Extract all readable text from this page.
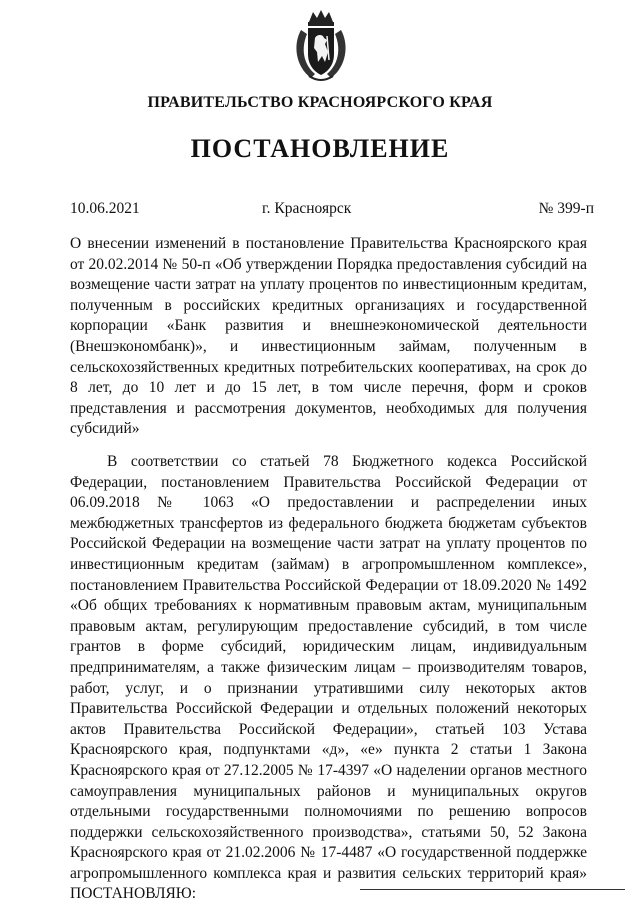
ПРАВИТЕЛЬСТВО КРАСНОЯРСКОГО КРАЯ
ПОСТАНОВЛЕНИЕ
10.06.2021	г. Красноярск	№ 399-п
О внесении изменений в постановление Правительства Красноярского края от 20.02.2014 № 50-п «Об утверждении Порядка предоставления субсидий на возмещение части затрат на уплату процентов по инвестиционным кредитам, полученным в российских кредитных организациях и государственной корпорации «Банк развития и внешнеэкономической деятельности (Внешэкономбанк)», и инвестиционным займам, полученным в сельскохозяйственных кредитных потребительских кооперативах, на срок до 8 лет, до 10 лет и до 15 лет, в том числе перечня, форм и сроков представления и рассмотрения документов, необходимых для получения субсидий»
В соответствии со статьей 78 Бюджетного кодекса Российской Федерации, постановлением Правительства Российской Федерации от 06.09.2018 № 1063 «О предоставлении и распределении иных межбюджетных трансфертов из федерального бюджета бюджетам субъектов Российской Федерации на возмещение части затрат на уплату процентов по инвестиционным кредитам (займам) в агропромышленном комплексе», постановлением Правительства Российской Федерации от 18.09.2020 № 1492 «Об общих требованиях к нормативным правовым актам, муниципальным правовым актам, регулирующим предоставление субсидий, в том числе грантов в форме субсидий, юридическим лицам, индивидуальным предпринимателям, а также физическим лицам – производителям товаров, работ, услуг, и о признании утратившими силу некоторых актов Правительства Российской Федерации и отдельных положений некоторых актов Правительства Российской Федерации», статьей 103 Устава Красноярского края, подпунктами «д», «е» пункта 2 статьи 1 Закона Красноярского края от 27.12.2005 № 17-4397 «О наделении органов местного самоуправления муниципальных районов и муниципальных округов отдельными государственными полномочиями по решению вопросов поддержки сельскохозяйственного производства», статьями 50, 52 Закона Красноярского края от 21.02.2006 № 17-4487 «О государственной поддержке агропромышленного комплекса края и развития сельских территорий края» ПОСТАНОВЛЯЮ:
